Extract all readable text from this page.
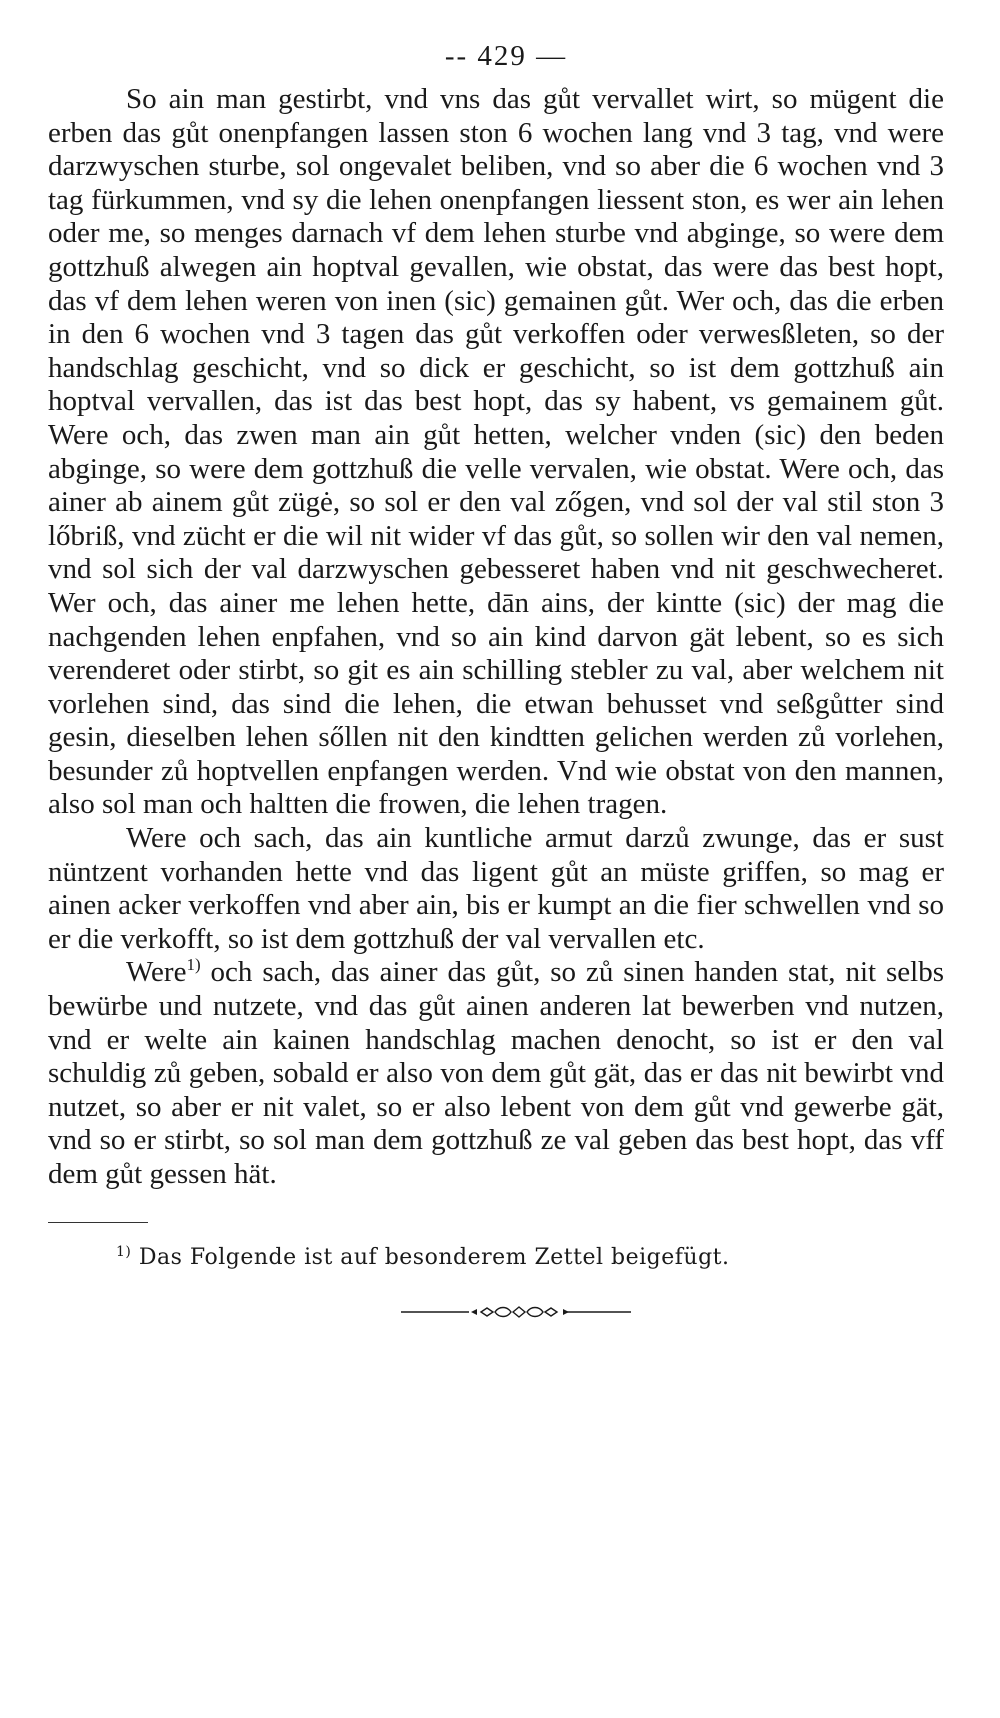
-- 429 —

So ain man gestirbt, vnd vns das gůt vervallet wirt, so mügent die erben das gůt onenpfangen lassen ston 6 wochen lang vnd 3 tag, vnd were darzwyschen sturbe, sol ongevalet beliben, vnd so aber die 6 wochen vnd 3 tag fürkummen, vnd sy die lehen onenpfangen liessent ston, es wer ain lehen oder me, so menges darnach vf dem lehen sturbe vnd abginge, so were dem gottzhuß alwegen ain hoptval gevallen, wie obstat, das were das best hopt, das vf dem lehen weren von inen (sic) gemainen gůt. Wer och, das die erben in den 6 wochen vnd 3 tagen das gůt verkoffen oder verwesßleten, so der handschlag geschicht, vnd so dick er geschicht, so ist dem gottzhuß ain hoptval vervallen, das ist das best hopt, das sy habent, vs gemainem gůt. Were och, das zwen man ain gůt hetten, welcher vnden (sic) den beden abginge, so were dem gottzhuß die velle vervalen, wie obstat. Were och, das ainer ab ainem gůt zügė, so sol er den val zőgen, vnd sol der val stil ston 3 lőbriß, vnd zücht er die wil nit wider vf das gůt, so sollen wir den val nemen, vnd sol sich der val darzwyschen gebesseret haben vnd nit geschwecheret. Wer och, das ainer me lehen hette, dān ains, der kintte (sic) der mag die nachgenden lehen enpfahen, vnd so ain kind darvon gät lebent, so es sich verenderet oder stirbt, so git es ain schilling stebler zu val, aber welchem nit vorlehen sind, das sind die lehen, die etwan behusset vnd seßgůtter sind gesin, dieselben lehen sőllen nit den kindtten gelichen werden zů vorlehen, besunder zů hoptvellen enpfangen werden. Vnd wie obstat von den mannen, also sol man och haltten die frowen, die lehen tragen.

Were och sach, das ain kuntliche armut darzů zwunge, das er sust nüntzent vorhanden hette vnd das ligent gůt an müste griffen, so mag er ainen acker verkoffen vnd aber ain, bis er kumpt an die fier schwellen vnd so er die verkofft, so ist dem gottzhuß der val vervallen etc.

Were$^{1)}$ och sach, das ainer das gůt, so zů sinen handen stat, nit selbs bewürbe und nutzete, vnd das gůt ainen anderen lat bewerben vnd nutzen, vnd er welte ain kainen handschlag machen denocht, so ist er den val schuldig zů geben, sobald er also von dem gůt gät, das er das nit bewirbt vnd nutzet, so aber er nit valet, so er also lebent von dem gůt vnd gewerbe gät, vnd so er stirbt, so sol man dem gottzhuß ze val geben das best hopt, das vff dem gůt gessen hät.

$^{1)}$ Das Folgende ist auf besonderem Zettel beigefügt.
